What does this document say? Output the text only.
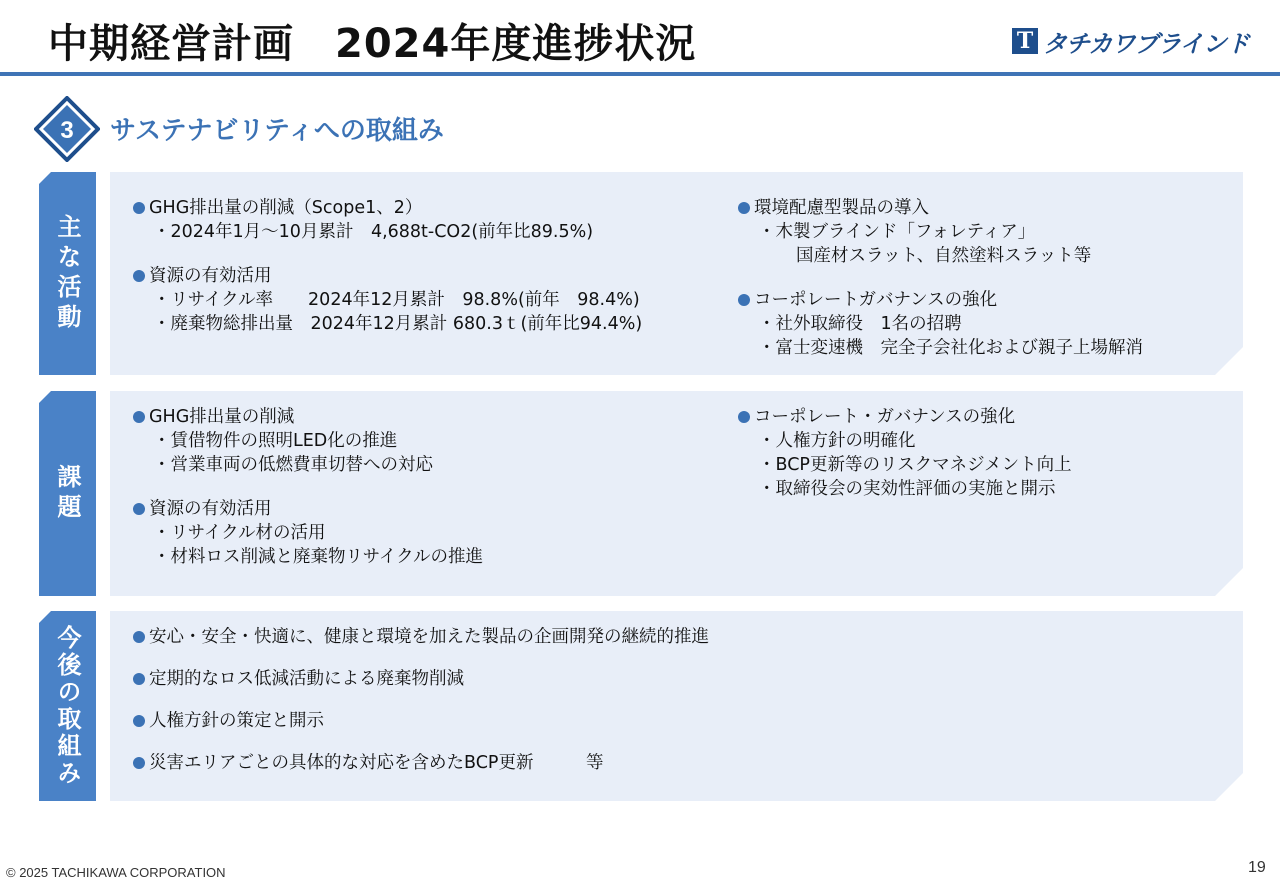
中期経営計画　2024年度進捗状況	T タチカワブラインド
3 サステナビリティへの取組み
主な活動
GHG排出量の削減（Scope1、2）
・2024年1月～10月累計　4,688t-CO2(前年比89.5%)
資源の有効活用
・リサイクル率　　2024年12月累計　98.8%(前年　98.4%)
・廃棄物総排出量　2024年12月累計 680.3ｔ(前年比94.4%)
環境配慮型製品の導入
・木製ブラインド「フォレティア」
国産材スラット、自然塗料スラット等
コーポレートガバナンスの強化
・社外取締役　1名の招聘
・富士変速機　完全子会社化および親子上場解消
課題
GHG排出量の削減
・賃借物件の照明LED化の推進
・営業車両の低燃費車切替への対応
資源の有効活用
・リサイクル材の活用
・材料ロス削減と廃棄物リサイクルの推進
コーポレート・ガバナンスの強化
・人権方針の明確化
・BCP更新等のリスクマネジメント向上
・取締役会の実効性評価の実施と開示
今後の取組み	安心・安全・快適に、健康と環境を加えた製品の企画開発の継続的推進
定期的なロス低減活動による廃棄物削減
人権方針の策定と開示
災害エリアごとの具体的な対応を含めたBCP更新　　　等
© 2025 TACHIKAWA CORPORATION	19
